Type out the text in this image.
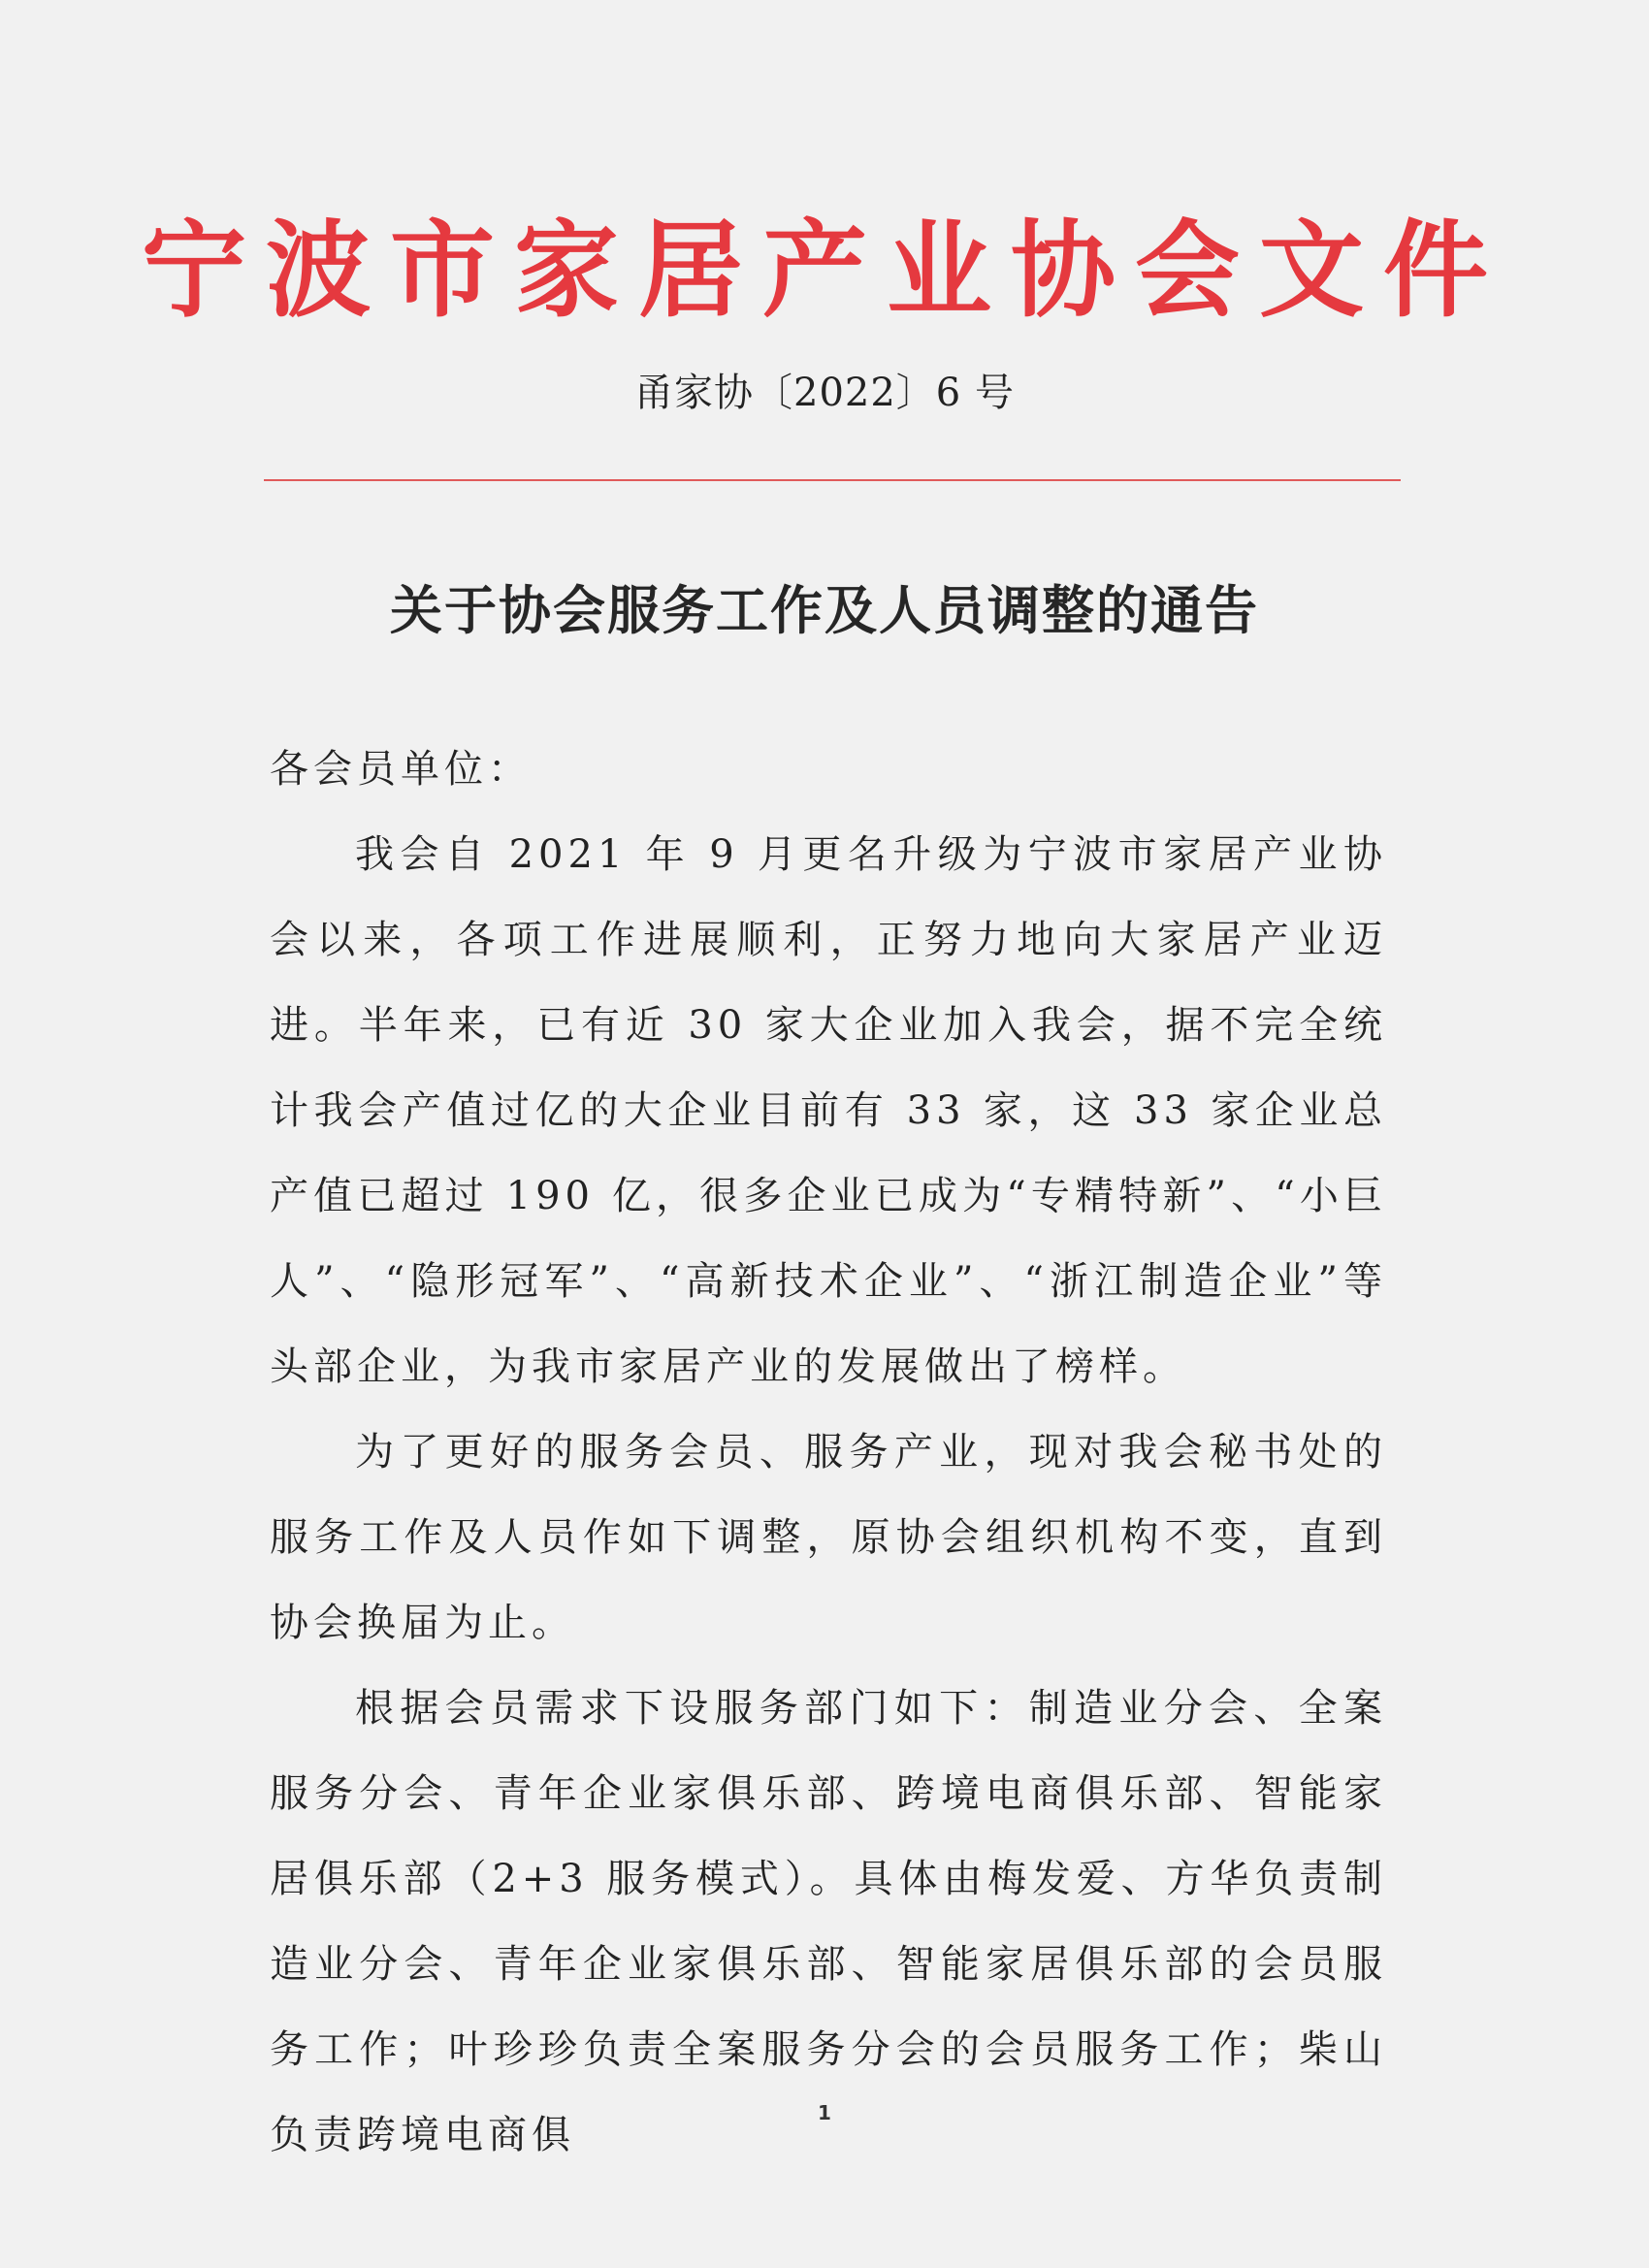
宁波市家居产业协会文件
甬家协〔2022〕6 号
关于协会服务工作及人员调整的通告

各会员单位：

我会自 2021 年 9 月更名升级为宁波市家居产业协会以来，各项工作进展顺利，正努力地向大家居产业迈进。半年来，已有近 30 家大企业加入我会，据不完全统计我会产值过亿的大企业目前有 33 家，这 33 家企业总产值已超过 190 亿，很多企业已成为“专精特新”、“小巨人”、“隐形冠军”、“高新技术企业”、“浙江制造企业”等头部企业，为我市家居产业的发展做出了榜样。

为了更好的服务会员、服务产业，现对我会秘书处的服务工作及人员作如下调整，原协会组织机构不变，直到协会换届为止。

根据会员需求下设服务部门如下：制造业分会、全案服务分会、青年企业家俱乐部、跨境电商俱乐部、智能家居俱乐部（2+3 服务模式）。具体由梅发爱、方华负责制造业分会、青年企业家俱乐部、智能家居俱乐部的会员服务工作；叶珍珍负责全案服务分会的会员服务工作；柴山负责跨境电商俱	1
